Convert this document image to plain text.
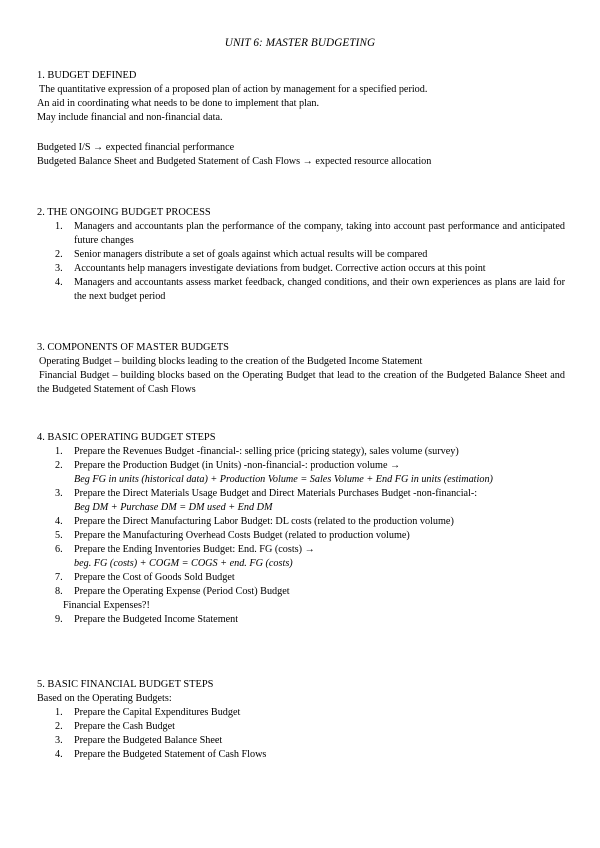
UNIT 6: MASTER BUDGETING
1. BUDGET DEFINED
The quantitative expression of a proposed plan of action by management for a specified period.
An aid in coordinating what needs to be done to implement that plan.
May include financial and non-financial data.
Budgeted I/S → expected financial performance
Budgeted Balance Sheet and Budgeted Statement of Cash Flows → expected resource allocation
2. THE ONGOING BUDGET PROCESS
1. Managers and accountants plan the performance of the company, taking into account past performance and anticipated future changes
2. Senior managers distribute a set of goals against which actual results will be compared
3. Accountants help managers investigate deviations from budget. Corrective action occurs at this point
4. Managers and accountants assess market feedback, changed conditions, and their own experiences as plans are laid for the next budget period
3. COMPONENTS OF MASTER BUDGETS
Operating Budget – building blocks leading to the creation of the Budgeted Income Statement
Financial Budget – building blocks based on the Operating Budget that lead to the creation of the Budgeted Balance Sheet and the Budgeted Statement of Cash Flows
4. BASIC OPERATING BUDGET STEPS
1. Prepare the Revenues Budget -financial-: selling price (pricing stategy), sales volume (survey)
2. Prepare the Production Budget (in Units) -non-financial-: production volume →
Beg FG in units (historical data) + Production Volume = Sales Volume + End FG in units (estimation)
3. Prepare the Direct Materials Usage Budget and Direct Materials Purchases Budget -non-financial-:
Beg DM + Purchase DM = DM used + End DM
4. Prepare the Direct Manufacturing Labor Budget: DL costs (related to the production volume)
5. Prepare the Manufacturing Overhead Costs Budget (related to production volume)
6. Prepare the Ending Inventories Budget: End. FG (costs) →
beg. FG (costs) + COGM = COGS + end. FG (costs)
7. Prepare the Cost of Goods Sold Budget
8. Prepare the Operating Expense (Period Cost) Budget
Financial Expenses?!
9. Prepare the Budgeted Income Statement
5. BASIC FINANCIAL BUDGET STEPS
Based on the Operating Budgets:
1. Prepare the Capital Expenditures Budget
2. Prepare the Cash Budget
3. Prepare the Budgeted Balance Sheet
4. Prepare the Budgeted Statement of Cash Flows
